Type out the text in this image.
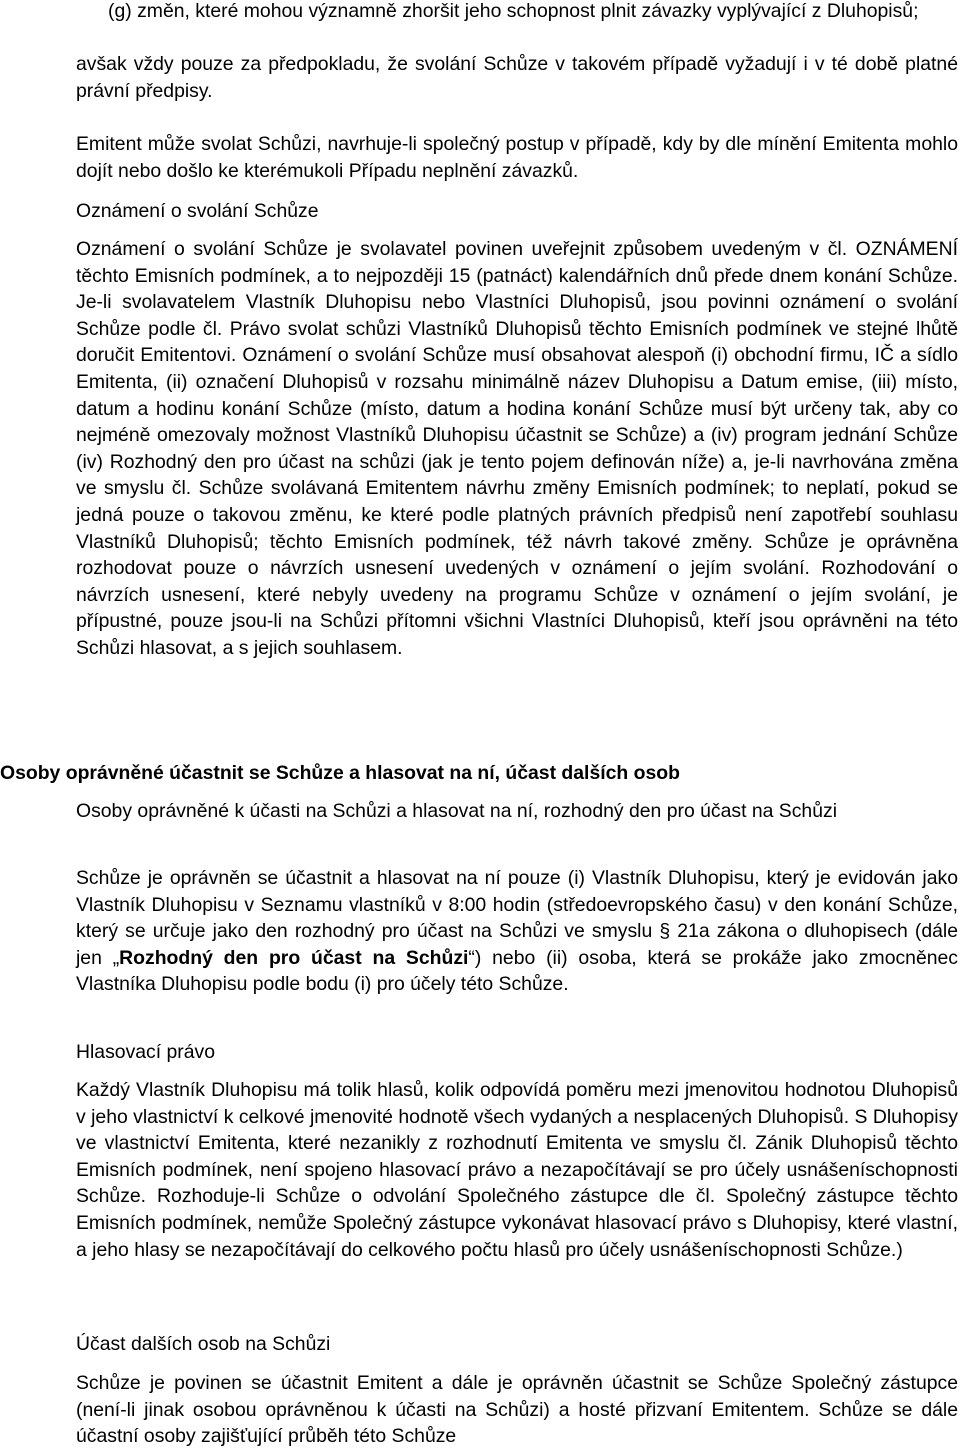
(g) změn, které mohou významně zhoršit jeho schopnost plnit závazky vyplývající z Dluhopisů;

avšak vždy pouze za předpokladu, že svolání Schůze v takovém případě vyžadují i v té době platné právní předpisy.

Emitent může svolat Schůzi, navrhuje-li společný postup v případě, kdy by dle mínění Emitenta mohlo dojít nebo došlo ke kterémukoli Případu neplnění závazků.

Oznámení o svolání Schůze

Oznámení o svolání Schůze je svolavatel povinen uveřejnit způsobem uvedeným v čl. OZNÁMENÍ těchto Emisních podmínek, a to nejpozději 15 (patnáct) kalendářních dnů přede dnem konání Schůze. Je-li svolavatelem Vlastník Dluhopisu nebo Vlastníci Dluhopisů, jsou povinni oznámení o svolání Schůze podle čl. Právo svolat schůzi Vlastníků Dluhopisů těchto Emisních podmínek ve stejné lhůtě doručit Emitentovi. Oznámení o svolání Schůze musí obsahovat alespoň (i) obchodní firmu, IČ a sídlo Emitenta, (ii) označení Dluhopisů v rozsahu minimálně název Dluhopisu a Datum emise, (iii) místo, datum a hodinu konání Schůze (místo, datum a hodina konání Schůze musí být určeny tak, aby co nejméně omezovaly možnost Vlastníků Dluhopisu účastnit se Schůze) a (iv) program jednání Schůze (iv) Rozhodný den pro účast na schůzi (jak je tento pojem definován níže) a, je-li navrhována změna ve smyslu čl. Schůze svolávaná Emitentem návrhu změny Emisních podmínek; to neplatí, pokud se jedná pouze o takovou změnu, ke které podle platných právních předpisů není zapotřebí souhlasu Vlastníků Dluhopisů; těchto Emisních podmínek, též návrh takové změny. Schůze je oprávněna rozhodovat pouze o návrzích usnesení uvedených v oznámení o jejím svolání. Rozhodování o návrzích usnesení, které nebyly uvedeny na programu Schůze v oznámení o jejím svolání, je přípustné, pouze jsou-li na Schůzi přítomni všichni Vlastníci Dluhopisů, kteří jsou oprávněni na této Schůzi hlasovat, a s jejich souhlasem.

Osoby oprávněné účastnit se Schůze a hlasovat na ní, účast dalších osob

Osoby oprávněné k účasti na Schůzi a hlasovat na ní, rozhodný den pro účast na Schůzi

Schůze je oprávněn se účastnit a hlasovat na ní pouze (i) Vlastník Dluhopisu, který je evidován jako Vlastník Dluhopisu v Seznamu vlastníků v 8:00 hodin (středoevropského času) v den konání Schůze, který se určuje jako den rozhodný pro účast na Schůzi ve smyslu § 21a zákona o dluhopisech (dále jen „Rozhodný den pro účast na Schůzi“) nebo (ii) osoba, která se prokáže jako zmocněnec Vlastníka Dluhopisu podle bodu (i) pro účely této Schůze.

Hlasovací právo

Každý Vlastník Dluhopisu má tolik hlasů, kolik odpovídá poměru mezi jmenovitou hodnotou Dluhopisů v jeho vlastnictví k celkové jmenovité hodnotě všech vydaných a nesplacených Dluhopisů. S Dluhopisy ve vlastnictví Emitenta, které nezanikly z rozhodnutí Emitenta ve smyslu čl. Zánik Dluhopisů těchto Emisních podmínek, není spojeno hlasovací právo a nezapočítávají se pro účely usnášeníschopnosti Schůze. Rozhoduje-li Schůze o odvolání Společného zástupce dle čl. Společný zástupce těchto Emisních podmínek, nemůže Společný zástupce vykonávat hlasovací právo s Dluhopisy, které vlastní, a jeho hlasy se nezapočítávají do celkového počtu hlasů pro účely usnášeníschopnosti Schůze.)

Účast dalších osob na Schůzi

Schůze je povinen se účastnit Emitent a dále je oprávněn účastnit se Schůze Společný zástupce (není-li jinak osobou oprávněnou k účasti na Schůzi) a hosté přizvaní Emitentem. Schůze se dále účastní osoby zajišťující průběh této Schůze
